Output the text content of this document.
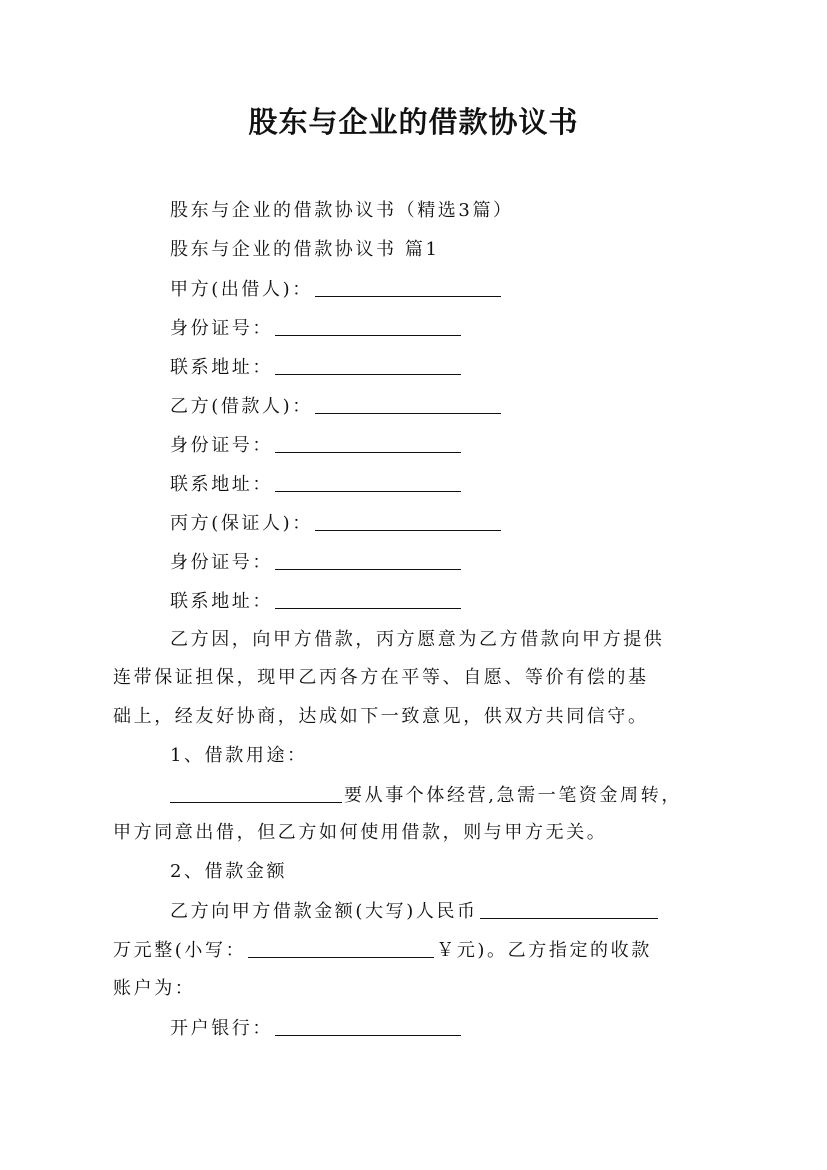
股东与企业的借款协议书
股东与企业的借款协议书（精选3篇）
股东与企业的借款协议书 篇1
甲方(出借人)：
身份证号：
联系地址：
乙方(借款人)：
身份证号：
联系地址：
丙方(保证人)：
身份证号：
联系地址：
乙方因，向甲方借款，丙方愿意为乙方借款向甲方提供
连带保证担保，现甲乙丙各方在平等、自愿、等价有偿的基
础上，经友好协商，达成如下一致意见，供双方共同信守。
1、借款用途：
要从事个体经营,急需一笔资金周转，
甲方同意出借，但乙方如何使用借款，则与甲方无关。
2、借款金额
乙方向甲方借款金额(大写)人民币
万元整(小写：	￥元)。乙方指定的收款
账户为：
开户银行：
